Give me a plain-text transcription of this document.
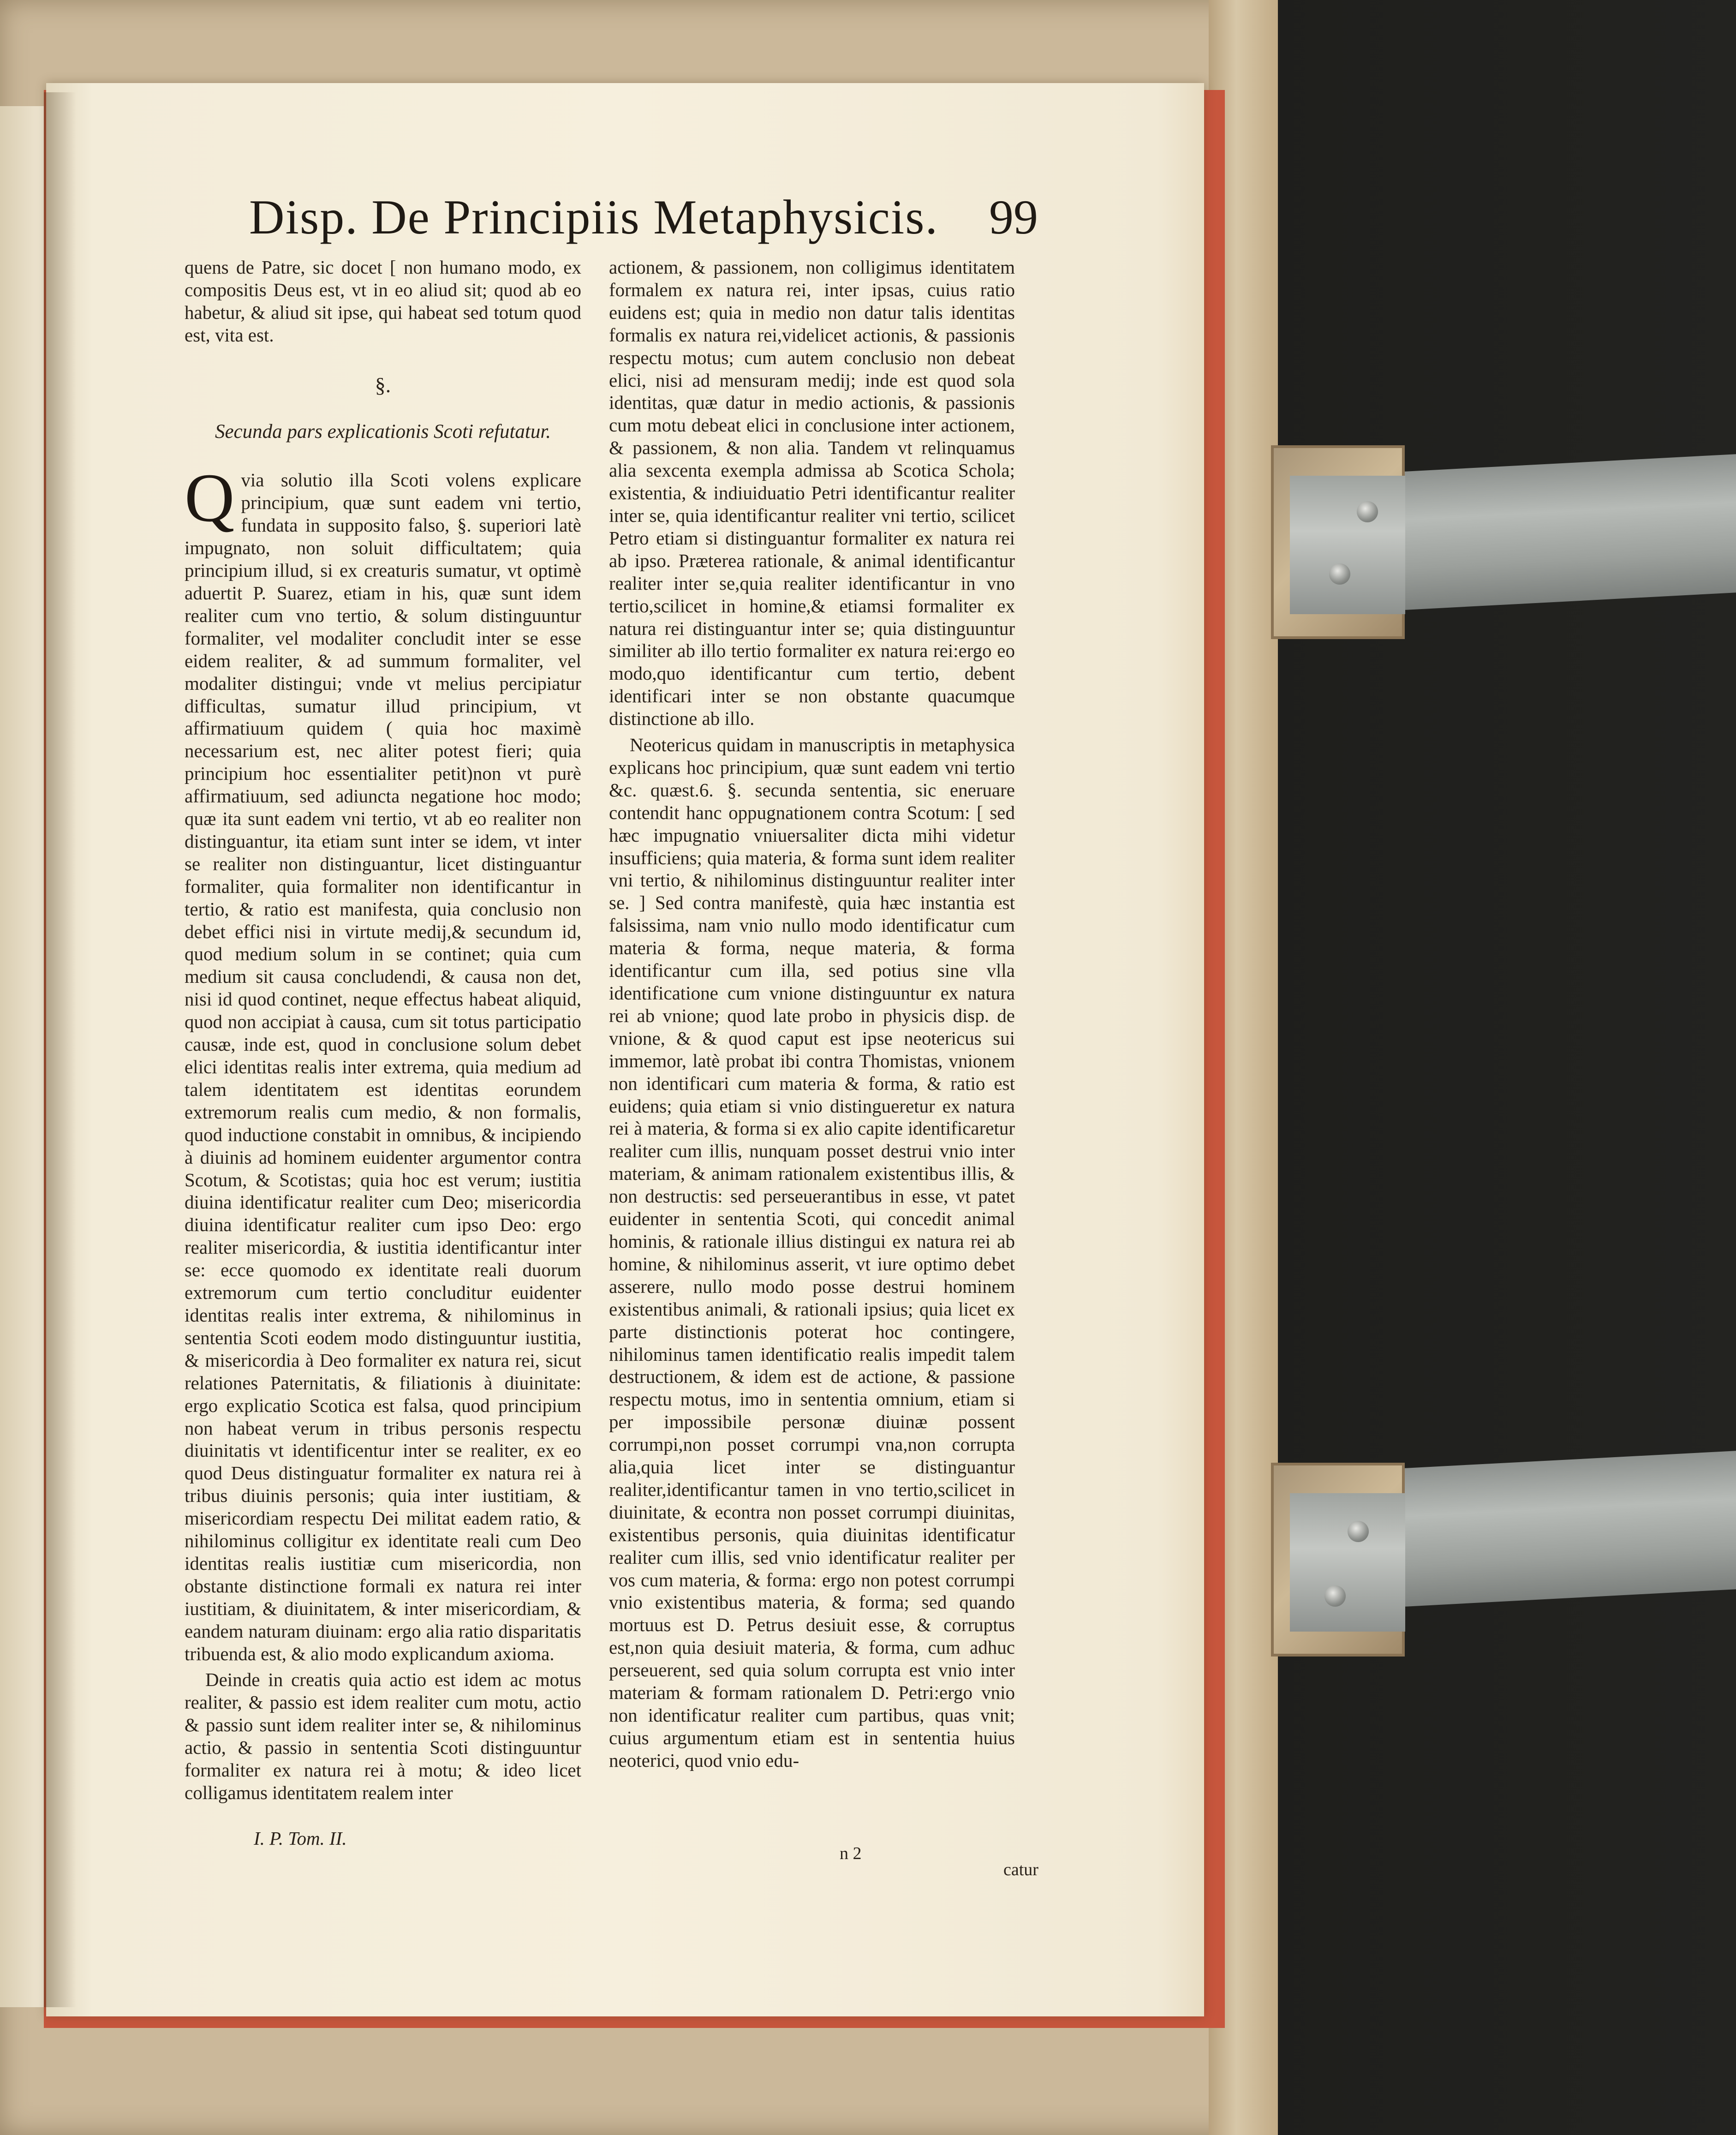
Disp. De Principiis Metaphysicis.	99

quens de Patre, sic docet [ non humano modo, ex compositis Deus est, vt in eo aliud sit; quod ab eo habetur, & aliud sit ipse, qui habeat sed totum quod est, vita est.

§.
Secunda pars explicationis Scoti refutatur.

Qvia solutio illa Scoti volens explicare principium, quæ sunt eadem vni tertio, fundata in supposito falso, §. superiori latè impugnato, non soluit difficultatem; quia principium illud, si ex creaturis sumatur, vt optimè aduertit P. Suarez, etiam in his, quæ sunt idem realiter cum vno tertio, & solum distinguuntur formaliter, vel modaliter concludit inter se esse eidem realiter, & ad summum formaliter, vel modaliter distingui; vnde vt melius percipiatur difficultas, sumatur illud principium, vt affirmatiuum quidem ( quia hoc maximè necessarium est, nec aliter potest fieri; quia principium hoc essentialiter petit)non vt purè affirmatiuum, sed adiuncta negatione hoc modo; quæ ita sunt eadem vni tertio, vt ab eo realiter non distinguantur, ita etiam sunt inter se idem, vt inter se realiter non distinguantur, licet distinguantur formaliter, quia formaliter non identificantur in tertio, & ratio est manifesta, quia conclusio non debet effici nisi in virtute medij,& secundum id, quod medium solum in se continet; quia cum medium sit causa concludendi, & causa non det, nisi id quod continet, neque effectus habeat aliquid, quod non accipiat à causa, cum sit totus participatio causæ, inde est, quod in conclusione solum debet elici identitas realis inter extrema, quia medium ad talem identitatem est identitas eorundem extremorum realis cum medio, & non formalis, quod inductione constabit in omnibus, & incipiendo à diuinis ad hominem euidenter argumentor contra Scotum, & Scotistas; quia hoc est verum; iustitia diuina identificatur realiter cum Deo; misericordia diuina identificatur realiter cum ipso Deo: ergo realiter misericordia, & iustitia identificantur inter se: ecce quomodo ex identitate reali duorum extremorum cum tertio concluditur euidenter identitas realis inter extrema, & nihilominus in sententia Scoti eodem modo distinguuntur iustitia, & misericordia à Deo formaliter ex natura rei, sicut relationes Paternitatis, & filiationis à diuinitate: ergo explicatio Scotica est falsa, quod principium non habeat verum in tribus personis respectu diuinitatis vt identificentur inter se realiter, ex eo quod Deus distinguatur formaliter ex natura rei à tribus diuinis personis; quia inter iustitiam, & misericordiam respectu Dei militat eadem ratio, & nihilominus colligitur ex identitate reali cum Deo identitas realis iustitiæ cum misericordia, non obstante distinctione formali ex natura rei inter iustitiam, & diuinitatem, & inter misericordiam, & eandem naturam diuinam: ergo alia ratio disparitatis tribuenda est, & alio modo explicandum axioma.

Deinde in creatis quia actio est idem ac motus realiter, & passio est idem realiter cum motu, actio & passio sunt idem realiter inter se, & nihilominus actio, & passio in sententia Scoti distinguuntur formaliter ex natura rei à motu; & ideo licet colligamus identitatem realem inter

actionem, & passionem, non colligimus identitatem formalem ex natura rei, inter ipsas, cuius ratio euidens est; quia in medio non datur talis identitas formalis ex natura rei,videlicet actionis, & passionis respectu motus; cum autem conclusio non debeat elici, nisi ad mensuram medij; inde est quod sola identitas, quæ datur in medio actionis, & passionis cum motu debeat elici in conclusione inter actionem, & passionem, & non alia. Tandem vt relinquamus alia sexcenta exempla admissa ab Scotica Schola; existentia, & indiuiduatio Petri identificantur realiter inter se, quia identificantur realiter vni tertio, scilicet Petro etiam si distinguantur formaliter ex natura rei ab ipso. Præterea rationale, & animal identificantur realiter inter se,quia realiter identificantur in vno tertio,scilicet in homine,& etiamsi formaliter ex natura rei distinguantur inter se; quia distinguuntur similiter ab illo tertio formaliter ex natura rei:ergo eo modo,quo identificantur cum tertio, debent identificari inter se non obstante quacumque distinctione ab illo.

Neotericus quidam in manuscriptis in metaphysica explicans hoc principium, quæ sunt eadem vni tertio &c. quæst.6. §. secunda sententia, sic eneruare contendit hanc oppugnationem contra Scotum: [ sed hæc impugnatio vniuersaliter dicta mihi videtur insufficiens; quia materia, & forma sunt idem realiter vni tertio, & nihilominus distinguuntur realiter inter se. ] Sed contra manifestè, quia hæc instantia est falsissima, nam vnio nullo modo identificatur cum materia & forma, neque materia, & forma identificantur cum illa, sed potius sine vlla identificatione cum vnione distinguuntur ex natura rei ab vnione; quod late probo in physicis disp. de vnione, & & quod caput est ipse neotericus sui immemor, latè probat ibi contra Thomistas, vnionem non identificari cum materia & forma, & ratio est euidens; quia etiam si vnio distingueretur ex natura rei à materia, & forma si ex alio capite identificaretur realiter cum illis, nunquam posset destrui vnio inter materiam, & animam rationalem existentibus illis, & non destructis: sed perseuerantibus in esse, vt patet euidenter in sententia Scoti, qui concedit animal hominis, & rationale illius distingui ex natura rei ab homine, & nihilominus asserit, vt iure optimo debet asserere, nullo modo posse destrui hominem existentibus animali, & rationali ipsius; quia licet ex parte distinctionis poterat hoc contingere, nihilominus tamen identificatio realis impedit talem destructionem, & idem est de actione, & passione respectu motus, imo in sententia omnium, etiam si per impossibile personæ diuinæ possent corrumpi,non posset corrumpi vna,non corrupta alia,quia licet inter se distinguantur realiter,identificantur tamen in vno tertio,scilicet in diuinitate, & econtra non posset corrumpi diuinitas, existentibus personis, quia diuinitas identificatur realiter cum illis, sed vnio identificatur realiter per vos cum materia, & forma: ergo non potest corrumpi vnio existentibus materia, & forma; sed quando mortuus est D. Petrus desiuit esse, & corruptus est,non quia desiuit materia, & forma, cum adhuc perseuerent, sed quia solum corrupta est vnio inter materiam & formam rationalem D. Petri:ergo vnio non identificatur realiter cum partibus, quas vnit; cuius argumentum etiam est in sententia huius neoterici, quod vnio edu-

I. P. Tom. II.
n 2
catur
